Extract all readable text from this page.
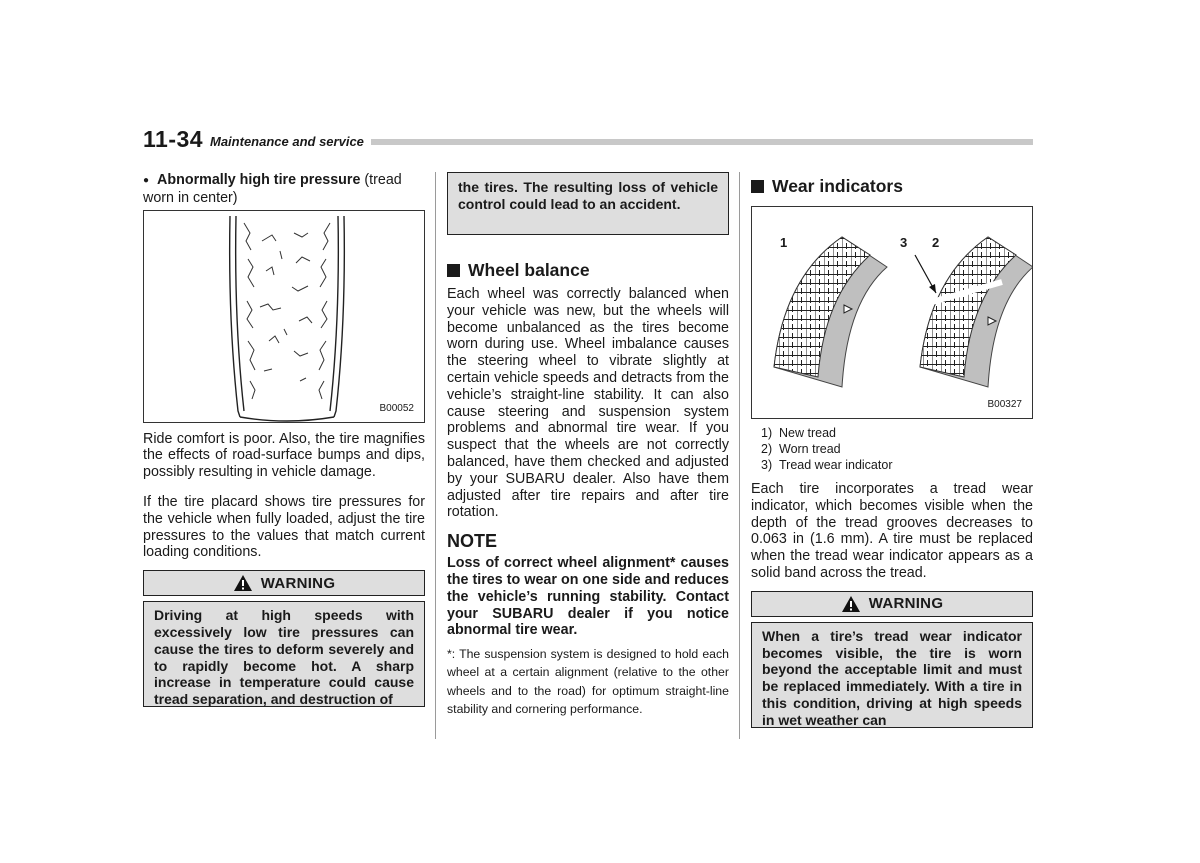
11-34 Maintenance and service

● Abnormally high tire pressure (tread worn in center)

B00052

Ride comfort is poor. Also, the tire magnifies the effects of road-surface bumps and dips, possibly resulting in vehicle damage.

If the tire placard shows tire pressures for the vehicle when fully loaded, adjust the tire pressures to the values that match current loading conditions.

WARNING
Driving at high speeds with excessively low tire pressures can cause the tires to deform severely and to rapidly become hot. A sharp increase in temperature could cause tread separation, and destruction of
the tires. The resulting loss of vehicle control could lead to an accident.

Wheel balance

Each wheel was correctly balanced when your vehicle was new, but the wheels will become unbalanced as the tires become worn during use. Wheel imbalance causes the steering wheel to vibrate slightly at certain vehicle speeds and detracts from the vehicle’s straight-line stability. It can also cause steering and suspension system problems and abnormal tire wear. If you suspect that the wheels are not correctly balanced, have them checked and adjusted by your SUBARU dealer. Also have them adjusted after tire repairs and after tire rotation.

NOTE

Loss of correct wheel alignment* causes the tires to wear on one side and reduces the vehicle’s running stability. Contact your SUBARU dealer if you notice abnormal tire wear.

*: The suspension system is designed to hold each wheel at a certain alignment (relative to the other wheels and to the road) for optimum straight-line stability and cornering performance.

Wear indicators

1	3 2
B00327
1) New tread
2) Worn tread
3) Tread wear indicator

Each tire incorporates a tread wear indicator, which becomes visible when the depth of the tread grooves decreases to 0.063 in (1.6 mm). A tire must be replaced when the tread wear indicator appears as a solid band across the tread.

WARNING
When a tire’s tread wear indicator becomes visible, the tire is worn beyond the acceptable limit and must be replaced immediately. With a tire in this condition, driving at high speeds in wet weather can
